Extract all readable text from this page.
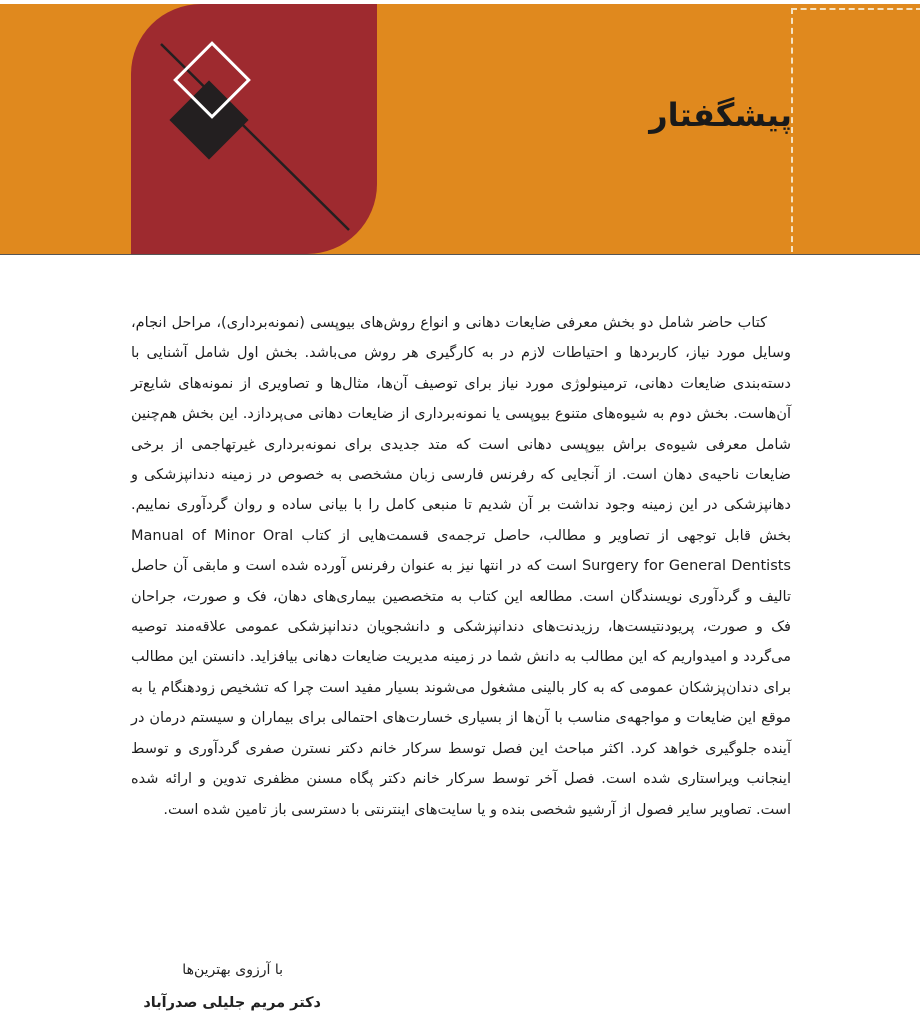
پیشگفتار
کتاب حاضر شامل دو بخش معرفی ضایعات دهانی و انواع روش‌های بیوپسی (نمونه‌برداری)، مراحل انجام، وسایل مورد نیاز، کاربردها و احتیاطات لازم در به کارگیری هر روش می‌باشد. بخش اول شامل آشنایی با دسته‌بندی ضایعات دهانی، ترمینولوژی مورد نیاز برای توصیف آن‌ها، مثال‌ها و تصاویری از نمونه‌های شایع‌تر آن‌هاست. بخش دوم به شیوه‌های متنوع بیوپسی یا نمونه‌برداری از ضایعات دهانی می‌پردازد. این بخش هم‌چنین شامل معرفی شیوه‌ی براش بیوپسی دهانی است که متد جدیدی برای نمونه‌برداری غیرتهاجمی از برخی ضایعات ناحیه‌ی دهان است. از آنجایی که رفرنس فارسی زبان مشخصی به خصوص در زمینه دندانپزشکی و دهانپزشکی در این زمینه وجود نداشت بر آن شدیم تا منبعی کامل را با بیانی ساده و روان گردآوری نماییم. بخش قابل توجهی از تصاویر و مطالب، حاصل ترجمه‌ی قسمت‌هایی از کتاب Manual of Minor Oral Surgery for General Dentists است که در انتها نیز به عنوان رفرنس آورده شده است و مابقی آن حاصل تالیف و گردآوری نویسندگان است. مطالعه این کتاب به متخصصین بیماری‌های دهان، فک و صورت، جراحان فک و صورت، پریودنتیست‌ها، رزیدنت‌های دندانپزشکی و دانشجویان دندانپزشکی عمومی علاقه‌مند توصیه می‌گردد و امیدواریم که این مطالب به دانش شما در زمینه مدیریت ضایعات دهانی بیافزاید. دانستن این مطالب برای دندان‌پزشکان عمومی که به کار بالینی مشغول می‌شوند بسیار مفید است چرا که تشخیص زودهنگام یا به موقع این ضایعات و مواجهه‌ی مناسب با آن‌ها از بسیاری خسارت‌های احتمالی برای بیماران و سیستم درمان در آینده جلوگیری خواهد کرد. اکثر مباحث این فصل توسط سرکار خانم دکتر نسترن صفری گردآوری و توسط اینجانب ویراستاری شده است. فصل آخر توسط سرکار خانم دکتر پگاه مسنن مظفری تدوین و ارائه شده است. تصاویر سایر فصول از آرشیو شخصی بنده و یا سایت‌های اینترنتی با دسترسی باز تامین شده است.
با آرزوی بهترین‌ها
دکتر مریم جلیلی صدرآباد
